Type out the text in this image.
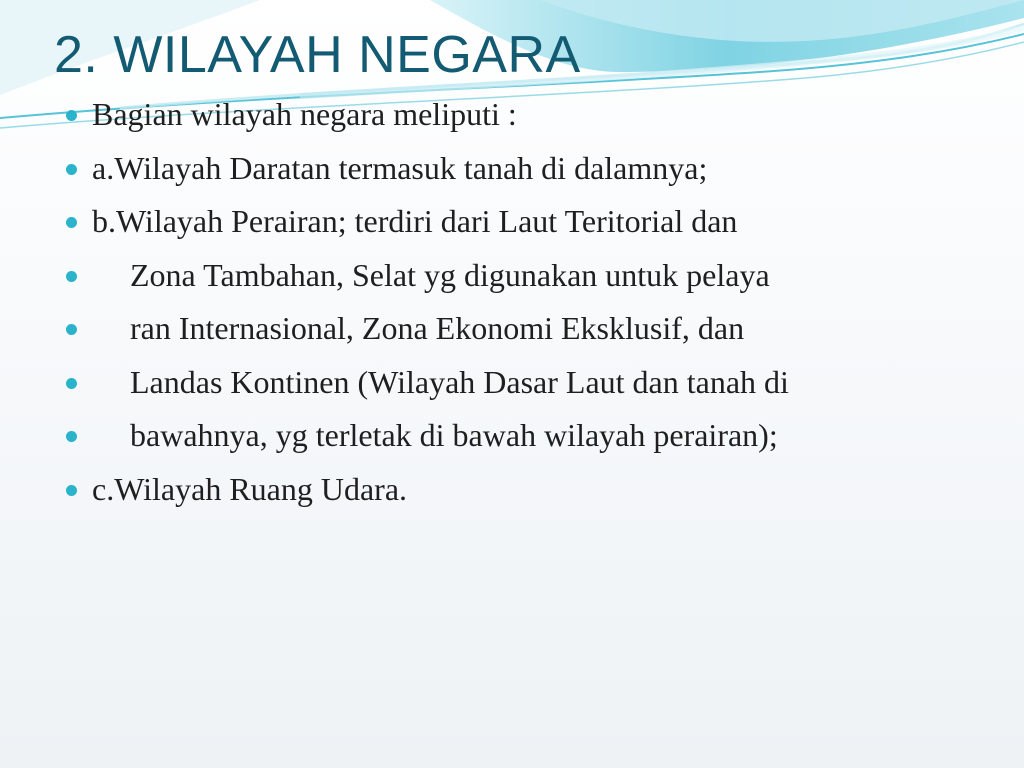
2. WILAYAH NEGARA
Bagian wilayah negara meliputi :
a.Wilayah Daratan termasuk tanah di dalamnya;
b.Wilayah Perairan; terdiri dari Laut Teritorial dan
Zona Tambahan, Selat yg digunakan untuk pelaya
ran Internasional, Zona Ekonomi Eksklusif, dan
Landas Kontinen (Wilayah Dasar Laut dan tanah di
bawahnya, yg terletak di bawah wilayah perairan);
c.Wilayah Ruang Udara.
